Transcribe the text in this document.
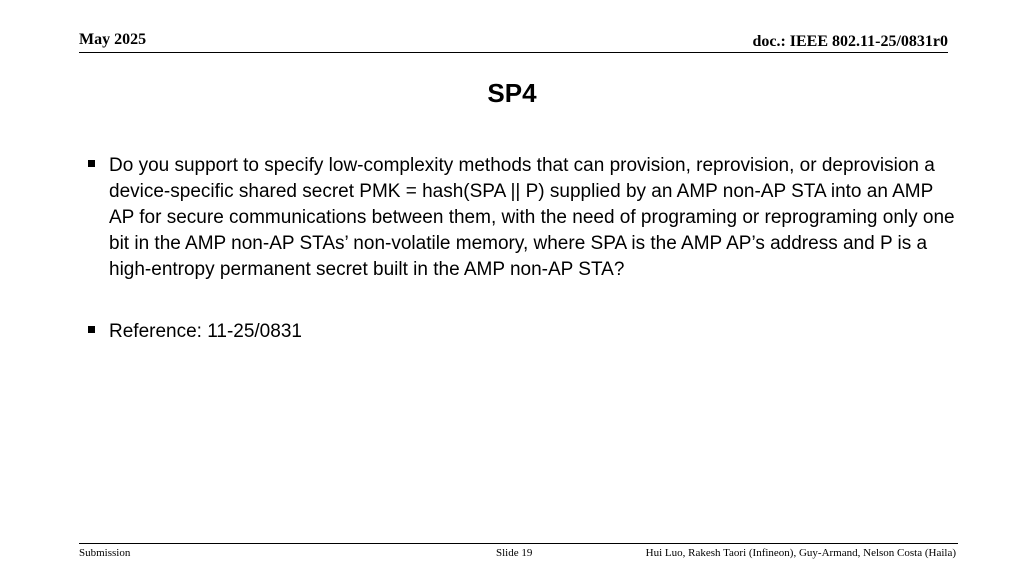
May 2025	doc.: IEEE 802.11-25/0831r0
SP4
Do you support to specify low-complexity methods that can provision, reprovision, or deprovision a device-specific shared secret PMK = hash(SPA || P) supplied by an AMP non-AP STA into an AMP AP for secure communications between them, with the need of programing or reprograming only one bit in the AMP non-AP STAs’ non-volatile memory, where SPA is the AMP AP’s address and P is a high-entropy permanent secret built in the AMP non-AP STA?
Reference: 11-25/0831
Submission	Slide 19	Hui Luo, Rakesh Taori (Infineon), Guy-Armand, Nelson Costa (Haila)
